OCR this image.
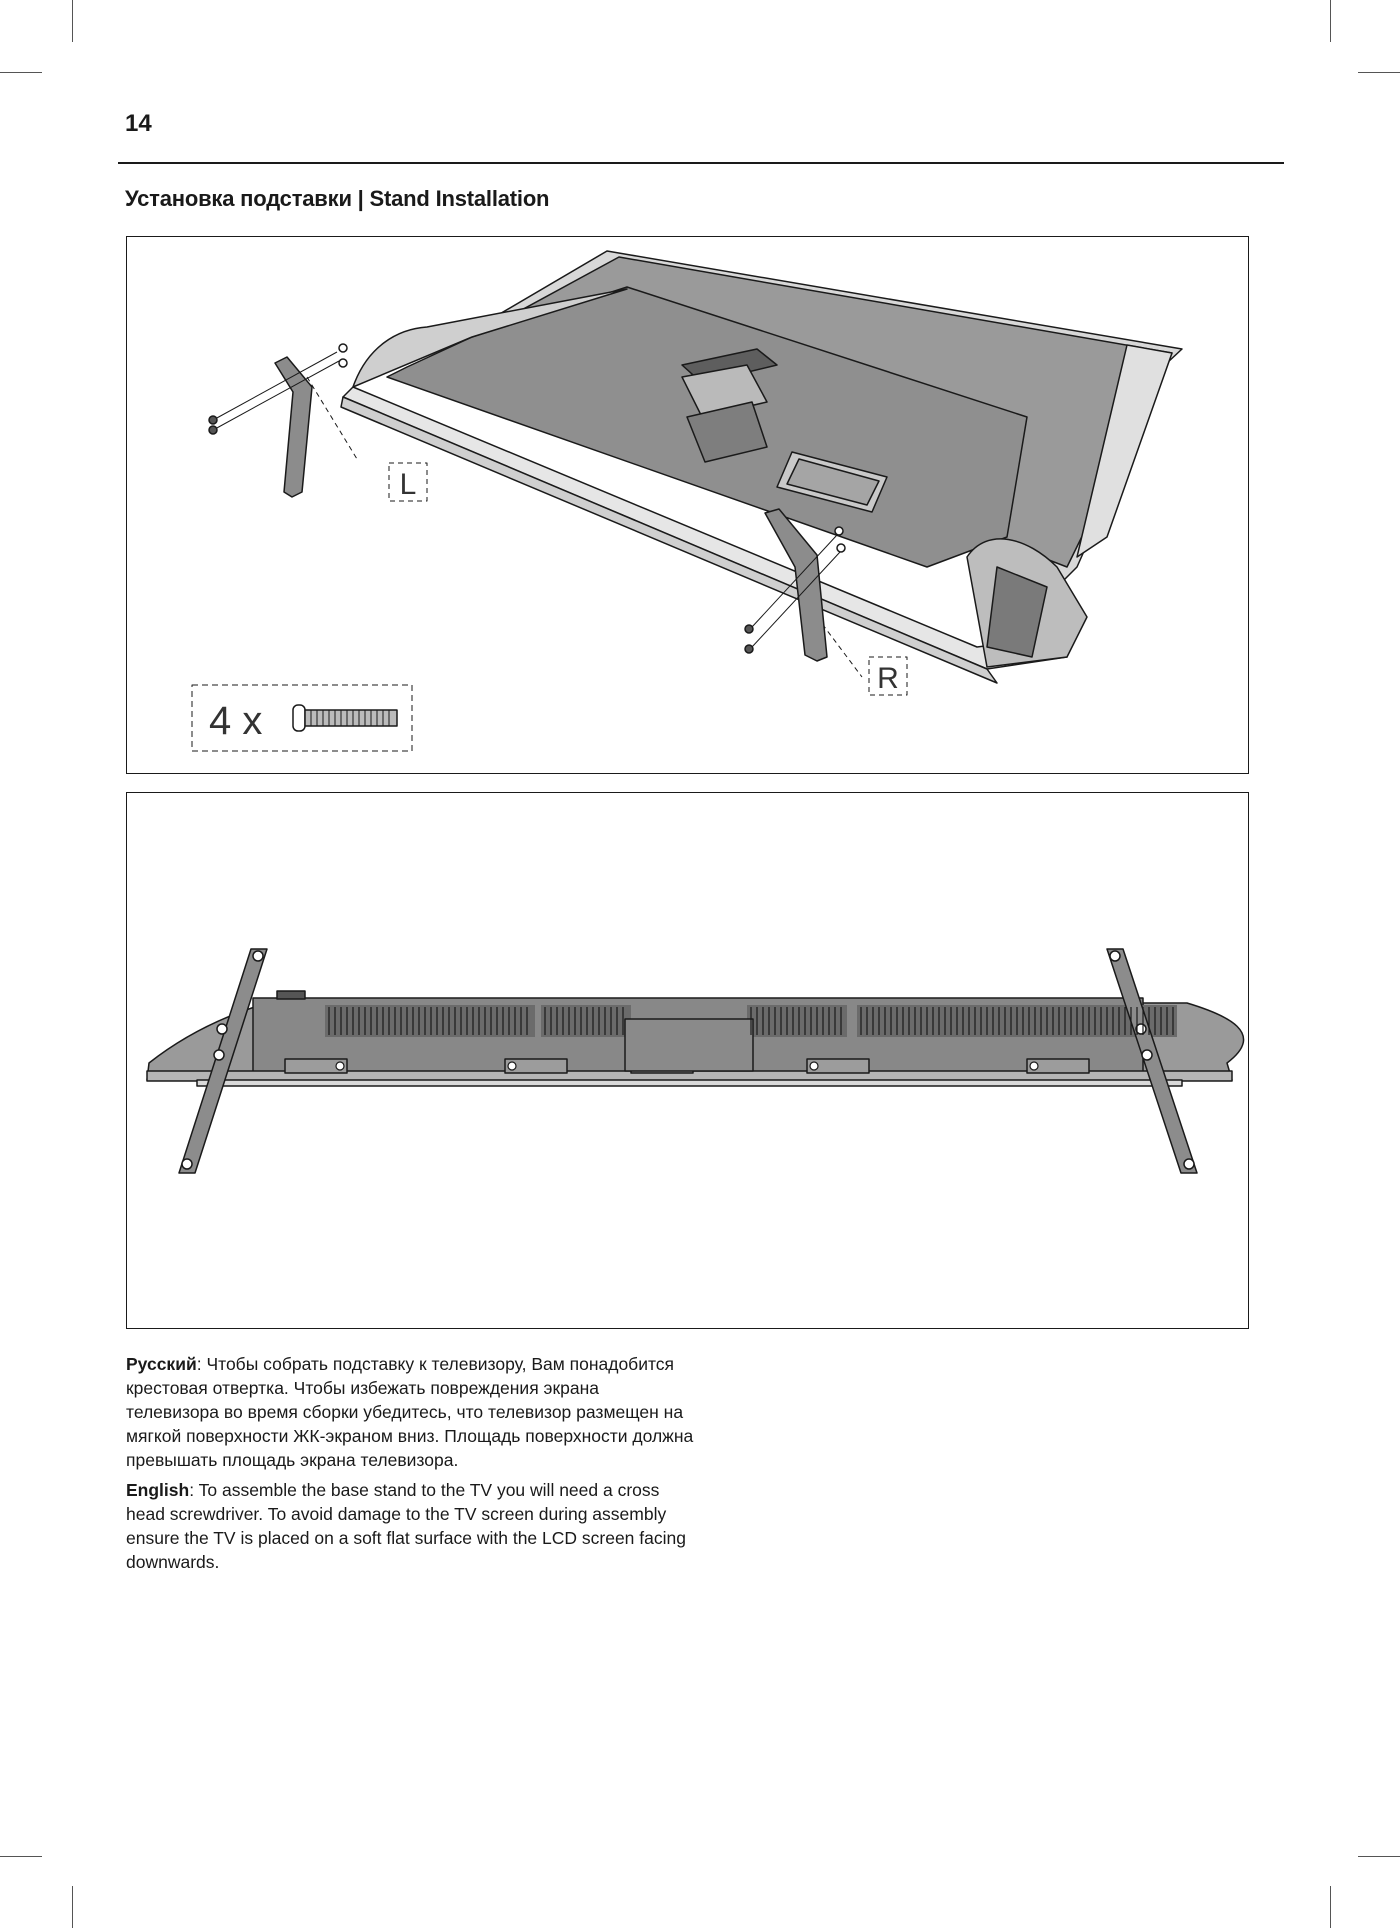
14
Установка подставки | Stand Installation
L
R
4 x

Русский: Чтобы собрать подставку к телевизору, Вам понадобится крестовая отвертка. Чтобы избежать повреждения экрана телевизора во время сборки убедитесь, что телевизор размещен на мягкой поверхности ЖК-экраном вниз. Площадь поверхности должна превышать площадь экрана телевизора.

English: To assemble the base stand to the TV you will need a cross head screwdriver. To avoid damage to the TV screen during assembly ensure the TV is placed on a soft flat surface with the LCD screen facing downwards.
